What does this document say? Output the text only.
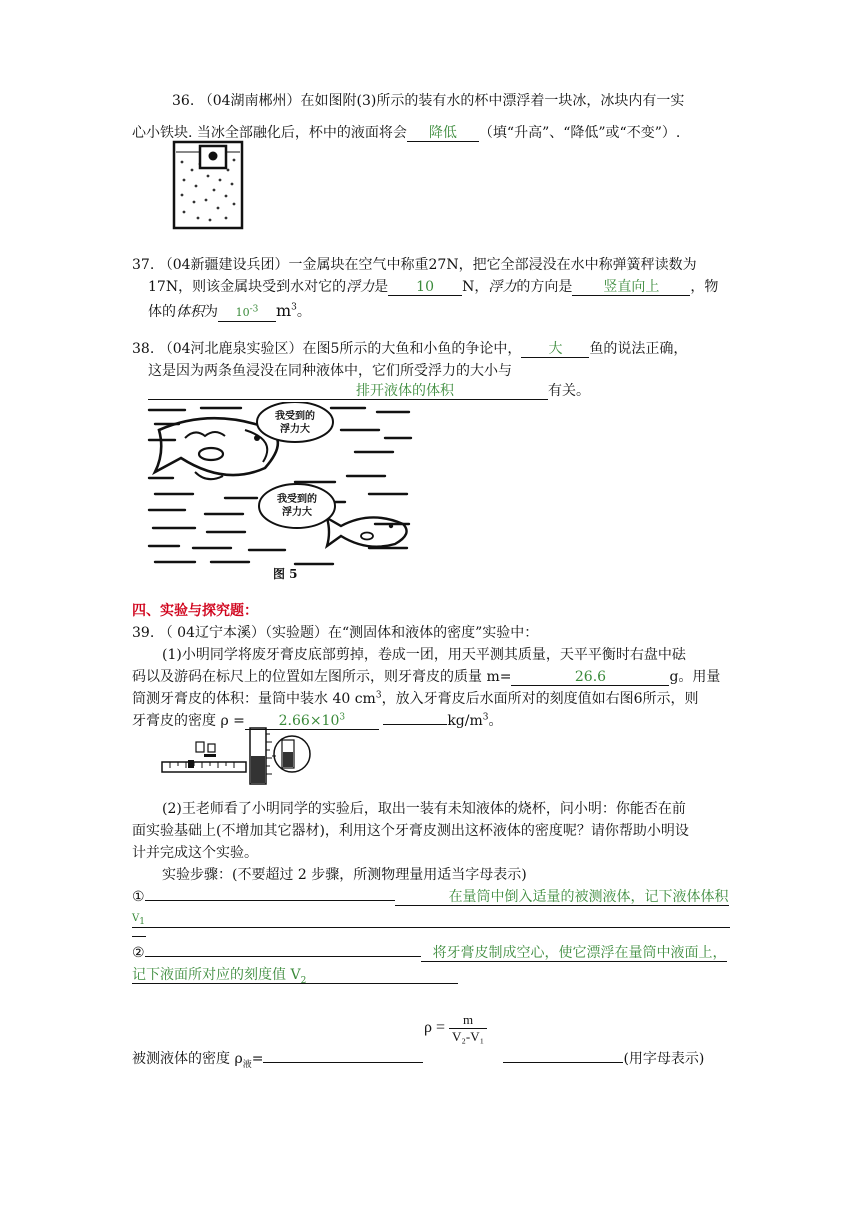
36. （04湖南郴州）在如图附(3)所示的装有水的杯中漂浮着一块冰，冰块内有一实
心小铁块. 当冰全部融化后，杯中的液面将会 降低 （填“升高”、“降低”或“不变”）.
37. （04新疆建设兵团）一金属块在空气中称重27N，把它全部浸没在水中称弹簧秤读数为
17N，则该金属块受到水对它的浮力是 10 N，浮力的方向是 竖直向上 ，物
体的体积为 $10^{-3}$ $m^3$。
38. （04河北鹿泉实验区）在图5所示的大鱼和小鱼的争论中， 大 鱼的说法正确，
这是因为两条鱼浸没在同种液体中，它们所受浮力的大小与
排开液体的体积	有关。
我受到的
浮力大
我受到的
浮力大
图 5
四、实验与探究题：
39. （ 04辽宁本溪）（实验题）在“测固体和液体的密度”实验中：
(1)小明同学将废牙膏皮底部剪掉，卷成一团，用天平测其质量，天平平衡时右盘中砝
码以及游码在标尺上的位置如左图所示，则牙膏皮的质量 m=	26.6	g。用量
筒测牙膏皮的体积：量筒中装水 40 $cm^3$，放入牙膏皮后水面所对的刻度值如右图6所示，则
牙膏皮的密度 $\rho = 2.66\times 10^3$	$kg/m^3$。
(2)王老师看了小明同学的实验后，取出一装有未知液体的烧杯，问小明：你能否在前
面实验基础上(不增加其它器材)，利用这个牙膏皮测出这杯液体的密度呢？请你帮助小明设
计并完成这个实验。
实验步骤：(不要超过 2 步骤，所测物理量用适当字母表示)
①	在量筒中倒入适量的被测液体，记下液体体积
$V_1$
②	将牙膏皮制成空心，使它漂浮在量筒中液面上，
记下液面所对应的刻度值 $V_2$
$\rho = \frac{m}{\text{V₂-V₁}}$
被测液体的密度 $\rho_液=$	(用字母表示)
